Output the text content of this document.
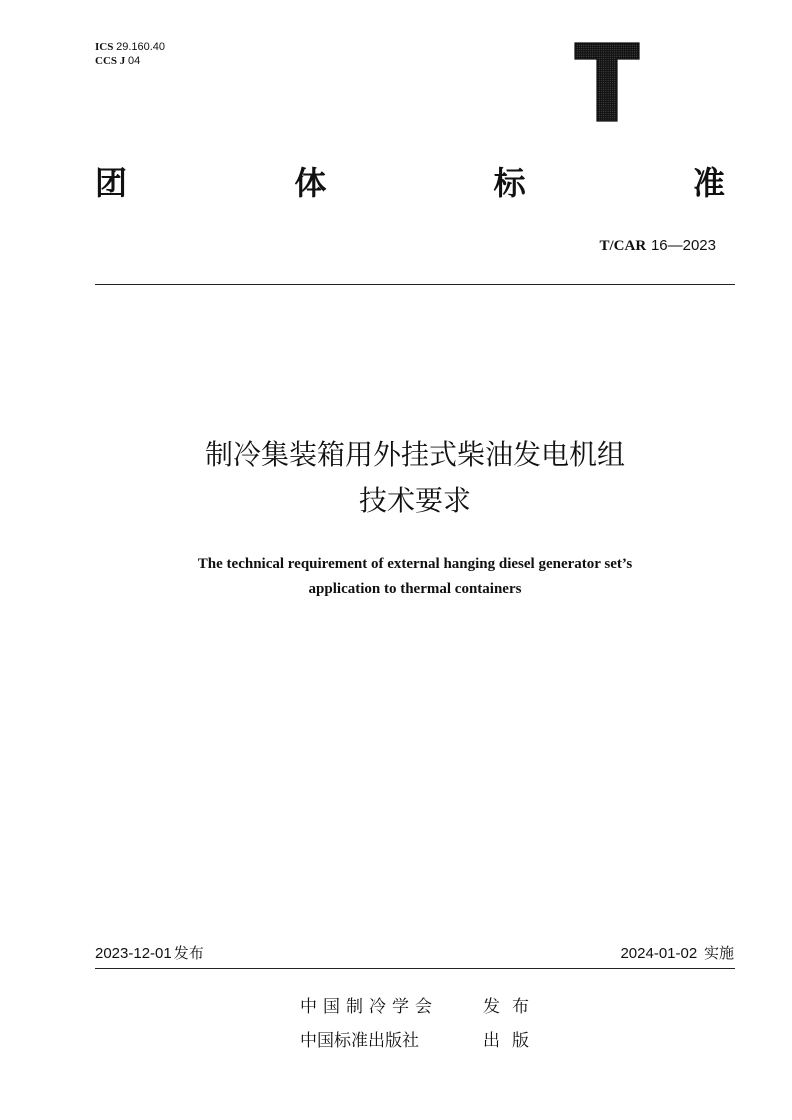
ICS 29.160.40
CCS J 04
团	体	标	准
T/CAR 16—2023
制冷集装箱用外挂式柴油发电机组
技术要求
The technical requirement of external hanging diesel generator set’s
application to thermal containers
2023-12-01 发布	2024-01-02 实施
中国制冷学会	发布
中国标准出版社	出版
